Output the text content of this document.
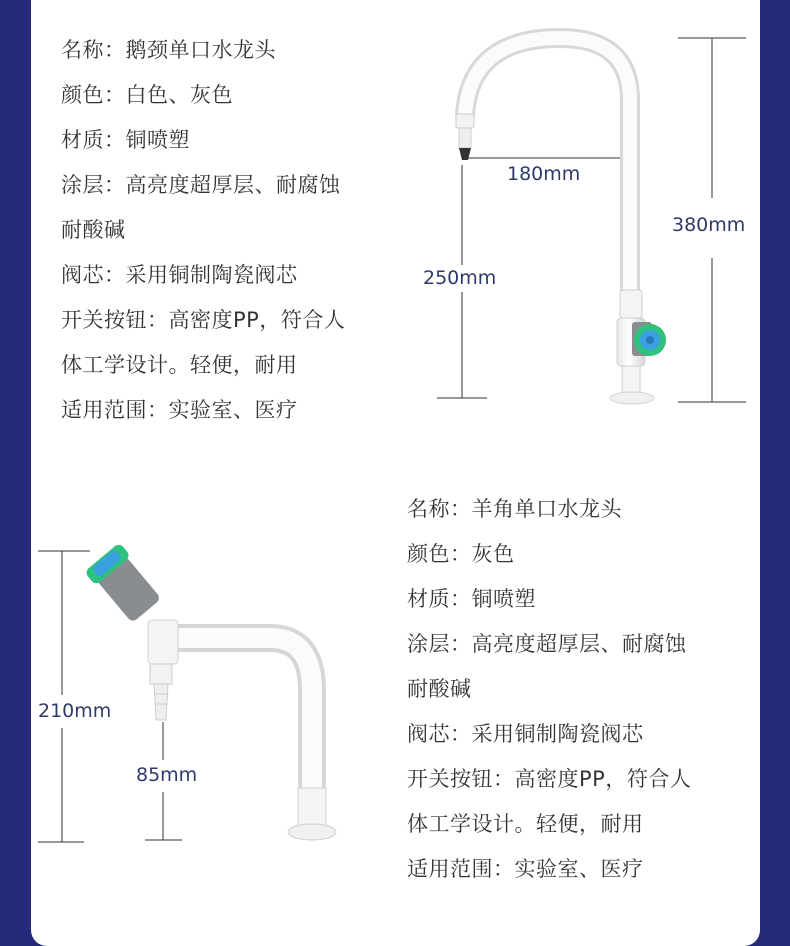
名称：鹅颈单口水龙头
颜色：白色、灰色
材质：铜喷塑
涂层：高亮度超厚层、耐腐蚀
耐酸碱
阀芯：采用铜制陶瓷阀芯
开关按钮：高密度PP，符合人
体工学设计。轻便，耐用
适用范围：实验室、医疗
名称：羊角单口水龙头
颜色：灰色
材质：铜喷塑
涂层：高亮度超厚层、耐腐蚀
耐酸碱
阀芯：采用铜制陶瓷阀芯
开关按钮：高密度PP，符合人
体工学设计。轻便，耐用
适用范围：实验室、医疗
180mm
380mm
250mm
210mm
85mm
